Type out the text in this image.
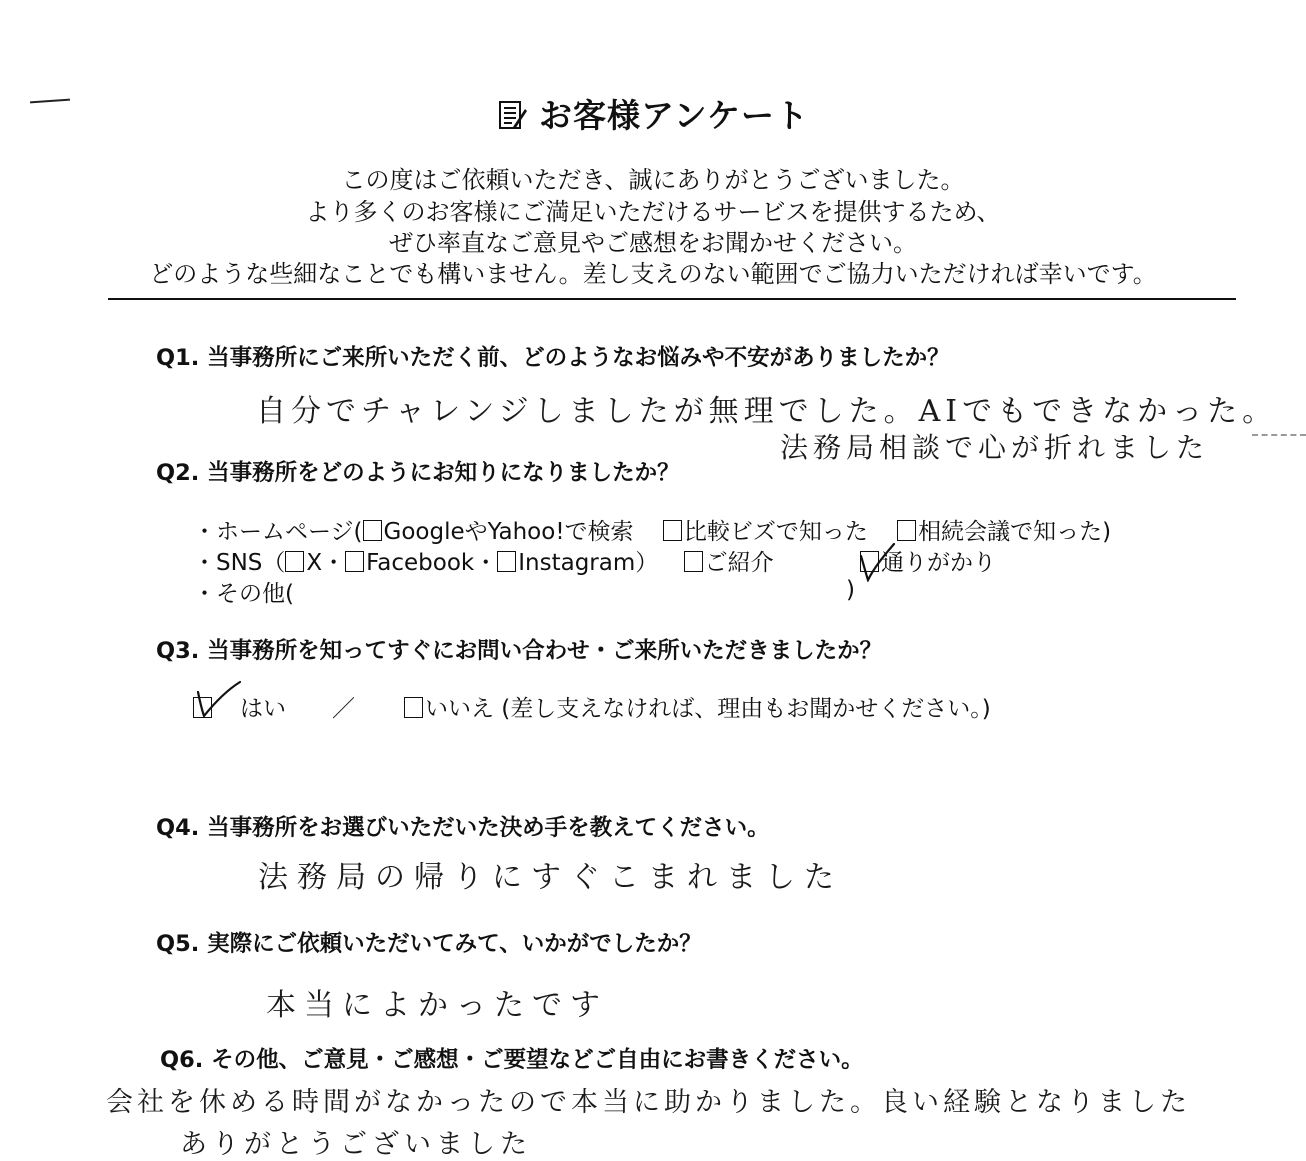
お客様アンケート
この度はご依頼いただき、誠にありがとうございました。
より多くのお客様にご満足いただけるサービスを提供するため、
ぜひ率直なご意見やご感想をお聞かせください。
どのような些細なことでも構いません。差し支えのない範囲でご協力いただければ幸いです。
Q1. 当事務所にご来所いただく前、どのようなお悩みや不安がありましたか？
自分でチャレンジしましたが無理でした。AIでもできなかった。
法務局相談で心が折れました
Q2. 当事務所をどのようにお知りになりましたか？
・ホームページ( GoogleやYahoo!で検索 比較ビズで知った 相続会議で知った)
・SNS（ X・ Facebook・ Instagram） ご紹介	通りがかり
・その他(	)
Q3. 当事務所を知ってすぐにお問い合わせ・ご来所いただきましたか？
はい ／	いいえ (差し支えなければ、理由もお聞かせください。)
Q4. 当事務所をお選びいただいた決め手を教えてください。
法務局の帰りにすぐこまれました
Q5. 実際にご依頼いただいてみて、いかがでしたか？
本当によかったです
Q6. その他、ご意見・ご感想・ご要望などご自由にお書きください。
会社を休める時間がなかったので本当に助かりました。良い経験となりました
ありがとうございました
